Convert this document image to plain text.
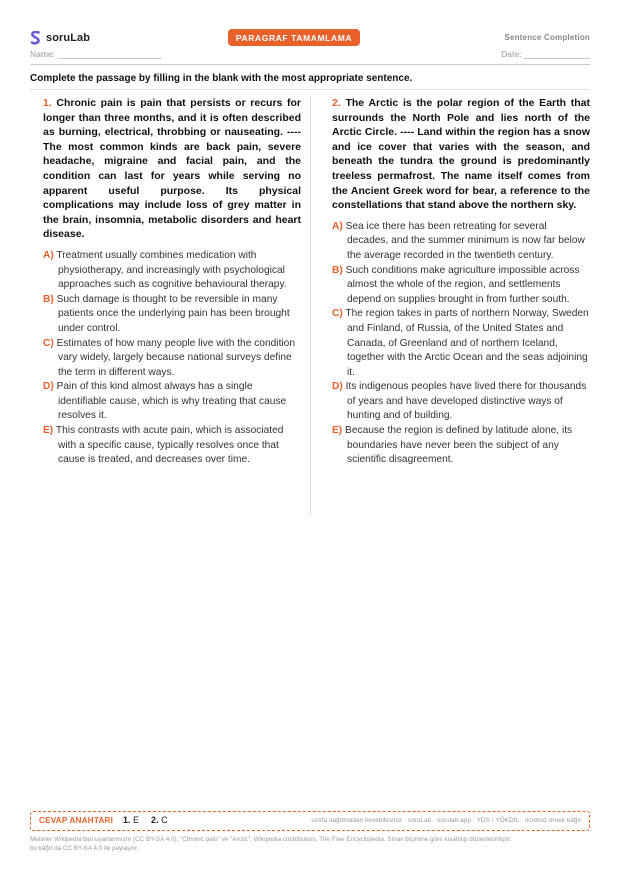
soruLab	PARAGRAF TAMAMLAMA	Sentence Completion
Name: ______________________	Date: ______________
Complete the passage by filling in the blank with the most appropriate sentence.

1. Chronic pain is pain that persists or recurs for longer than three months, and it is often described as burning, electrical, throbbing or nauseating. ---- The most common kinds are back pain, severe headache, migraine and facial pain, and the condition can last for years while serving no apparent useful purpose. Its physical complications may include loss of grey matter in the brain, insomnia, metabolic disorders and heart disease.

A) Treatment usually combines medication with physiotherapy, and increasingly with psychological approaches such as cognitive behavioural therapy.
B) Such damage is thought to be reversible in many patients once the underlying pain has been brought under control.
C) Estimates of how many people live with the condition vary widely, largely because national surveys define the term in different ways.
D) Pain of this kind almost always has a single identifiable cause, which is why treating that cause resolves it.
E) This contrasts with acute pain, which is associated with a specific cause, typically resolves once that cause is treated, and decreases over time.

2. The Arctic is the polar region of the Earth that surrounds the North Pole and lies north of the Arctic Circle. ---- Land within the region has a snow and ice cover that varies with the season, and beneath the tundra the ground is predominantly treeless permafrost. The name itself comes from the Ancient Greek word for bear, a reference to the constellations that stand above the northern sky.

A) Sea ice there has been retreating for several decades, and the summer minimum is now far below the average recorded in the twentieth century.
B) Such conditions make agriculture impossible across almost the whole of the region, and settlements depend on supplies brought in from further south.
C) The region takes in parts of northern Norway, Sweden and Finland, of Russia, of the United States and Canada, of Greenland and of northern Iceland, together with the Arctic Ocean and the seas adjoining it.
D) Its indigenous peoples have lived there for thousands of years and have developed distinctive ways of hunting and of building.
E) Because the region is defined by latitude alone, its boundaries have never been the subject of any scientific disagreement.
CEVAP ANAHTARI 1. E 2. C	sınıfa dağıtmadan kesebilirsiniz · soruLab · sorulab.app · YDS / YÖKDİL · ücretsiz örnek kâğıt
Metinler Wikipedia'dan uyarlanmıştır (CC BY-SA 4.0): "Chronic pain" ve "Arctic"; Wikipedia contributors, The Free Encyclopedia. Sınav biçimine göre kısaltılıp düzenlenmiştir;
bu kâğıt da CC BY-SA 4.0 ile paylaşılır.
